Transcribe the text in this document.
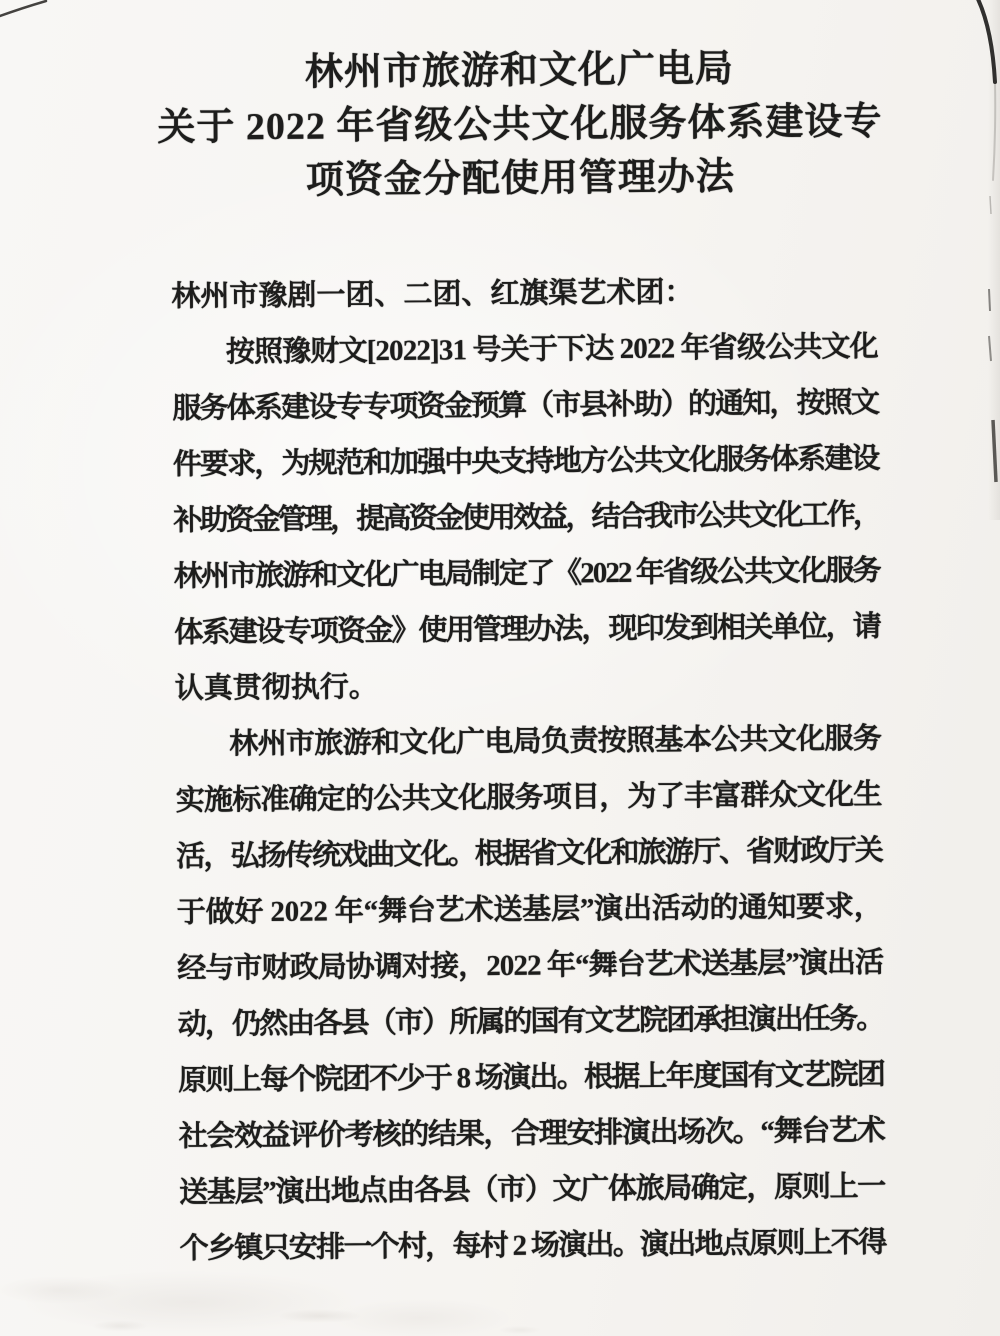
林州市旅游和文化广电局
关于 2022 年省级公共文化服务体系建设专
项资金分配使用管理办法
林州市豫剧一团、二团、红旗渠艺术团：
按照豫财文[2022]31 号关于下达 2022 年省级公共文化
服务体系建设专专项资金预算（市县补助）的通知，按照文
件要求，为规范和加强中央支持地方公共文化服务体系建设
补助资金管理，提高资金使用效益，结合我市公共文化工作，
林州市旅游和文化广电局制定了《2022 年省级公共文化服务
体系建设专项资金》使用管理办法，现印发到相关单位，请
认真贯彻执行。
林州市旅游和文化广电局负责按照基本公共文化服务
实施标准确定的公共文化服务项目，为了丰富群众文化生
活，弘扬传统戏曲文化。根据省文化和旅游厅、省财政厅关
于做好 2022 年“舞台艺术送基层”演出活动的通知要求，
经与市财政局协调对接，2022 年“舞台艺术送基层”演出活
动，仍然由各县（市）所属的国有文艺院团承担演出任务。
原则上每个院团不少于 8 场演出。根据上年度国有文艺院团
社会效益评价考核的结果，合理安排演出场次。“舞台艺术
送基层”演出地点由各县（市）文广体旅局确定，原则上一
个乡镇只安排一个村，每村 2 场演出。演出地点原则上不得
